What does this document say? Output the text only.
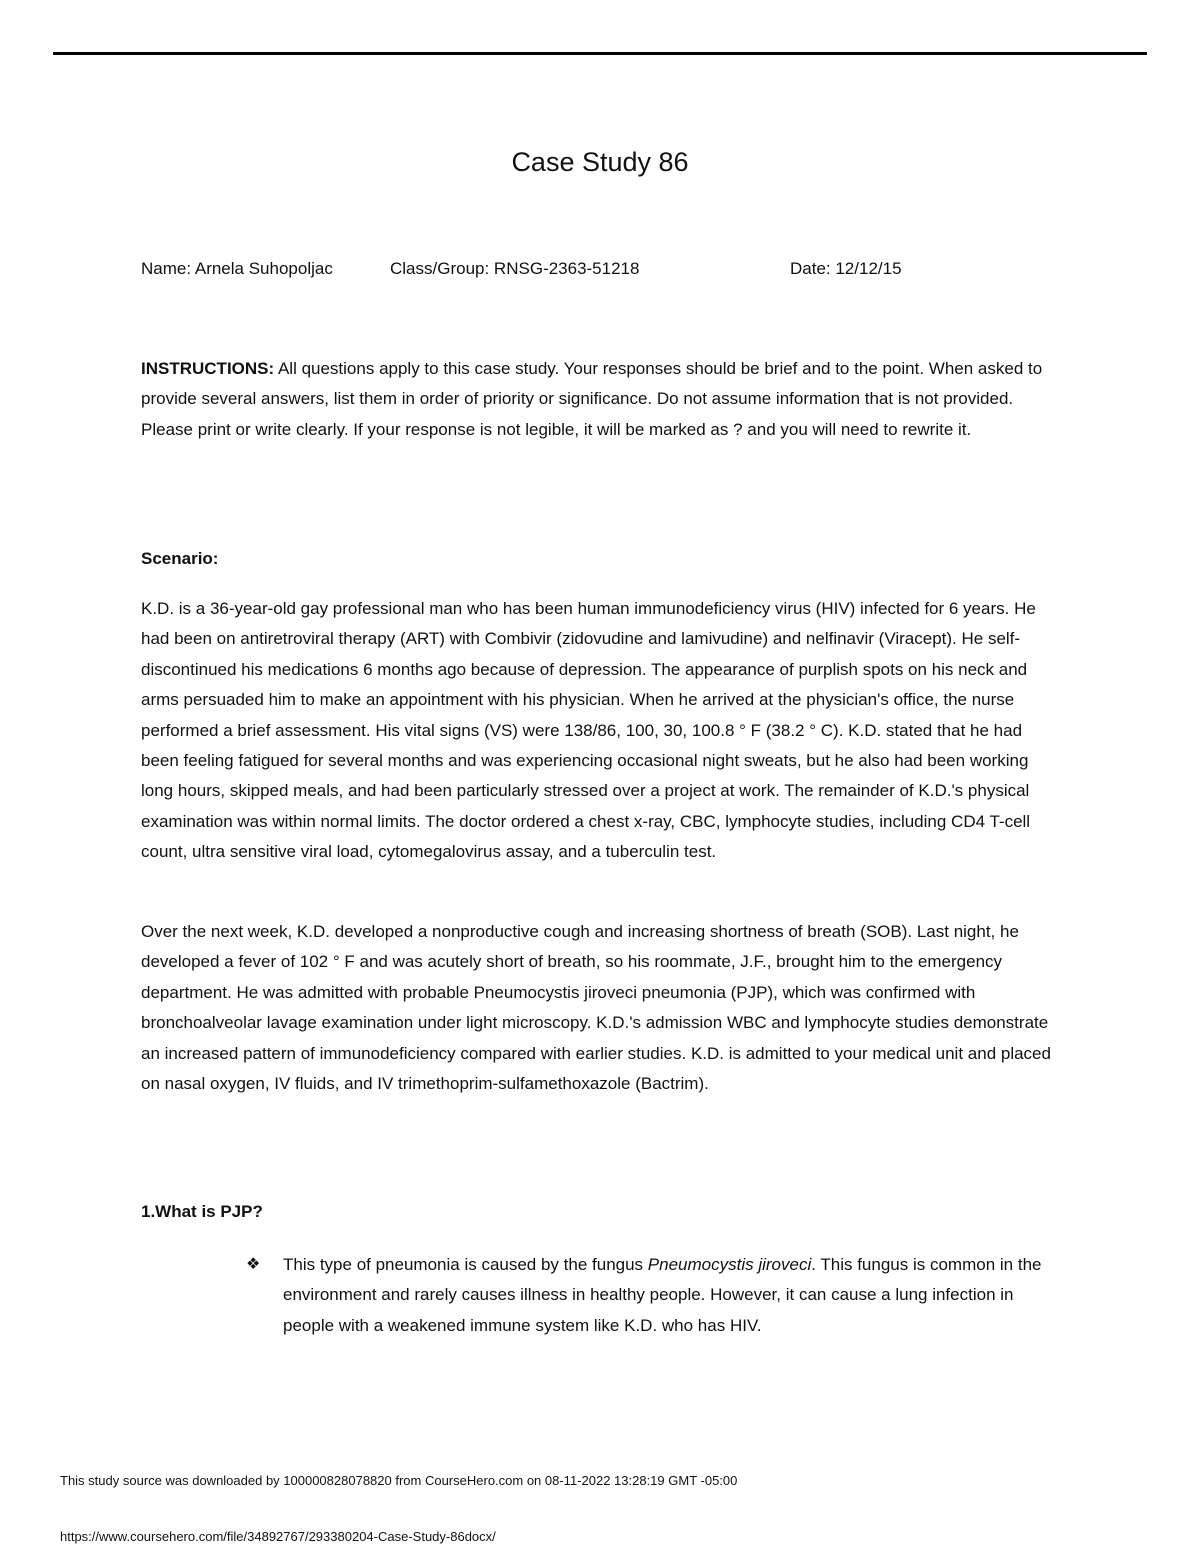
Case Study 86
Name: Arnela Suhopoljac	Class/Group: RNSG-2363-51218	Date: 12/12/15
INSTRUCTIONS: All questions apply to this case study. Your responses should be brief and to the point. When asked to provide several answers, list them in order of priority or significance. Do not assume information that is not provided. Please print or write clearly. If your response is not legible, it will be marked as ? and you will need to rewrite it.
Scenario:
K.D. is a 36-year-old gay professional man who has been human immunodeficiency virus (HIV) infected for 6 years. He had been on antiretroviral therapy (ART) with Combivir (zidovudine and lamivudine) and nelfinavir (Viracept). He self-discontinued his medications 6 months ago because of depression. The appearance of purplish spots on his neck and arms persuaded him to make an appointment with his physician. When he arrived at the physician's office, the nurse performed a brief assessment. His vital signs (VS) were 138/86, 100, 30, 100.8 ° F (38.2 ° C). K.D. stated that he had been feeling fatigued for several months and was experiencing occasional night sweats, but he also had been working long hours, skipped meals, and had been particularly stressed over a project at work. The remainder of K.D.'s physical examination was within normal limits. The doctor ordered a chest x-ray, CBC, lymphocyte studies, including CD4 T-cell count, ultra sensitive viral load, cytomegalovirus assay, and a tuberculin test.
Over the next week, K.D. developed a nonproductive cough and increasing shortness of breath (SOB). Last night, he developed a fever of 102 ° F and was acutely short of breath, so his roommate, J.F., brought him to the emergency department. He was admitted with probable Pneumocystis jiroveci pneumonia (PJP), which was confirmed with bronchoalveolar lavage examination under light microscopy. K.D.'s admission WBC and lymphocyte studies demonstrate an increased pattern of immunodeficiency compared with earlier studies. K.D. is admitted to your medical unit and placed on nasal oxygen, IV fluids, and IV trimethoprim-sulfamethoxazole (Bactrim).
1.What is PJP?
❖	This type of pneumonia is caused by the fungus Pneumocystis jiroveci. This fungus is common in the environment and rarely causes illness in healthy people. However, it can cause a lung infection in people with a weakened immune system like K.D. who has HIV.
This study source was downloaded by 100000828078820 from CourseHero.com on 08-11-2022 13:28:19 GMT -05:00
https://www.coursehero.com/file/34892767/293380204-Case-Study-86docx/
